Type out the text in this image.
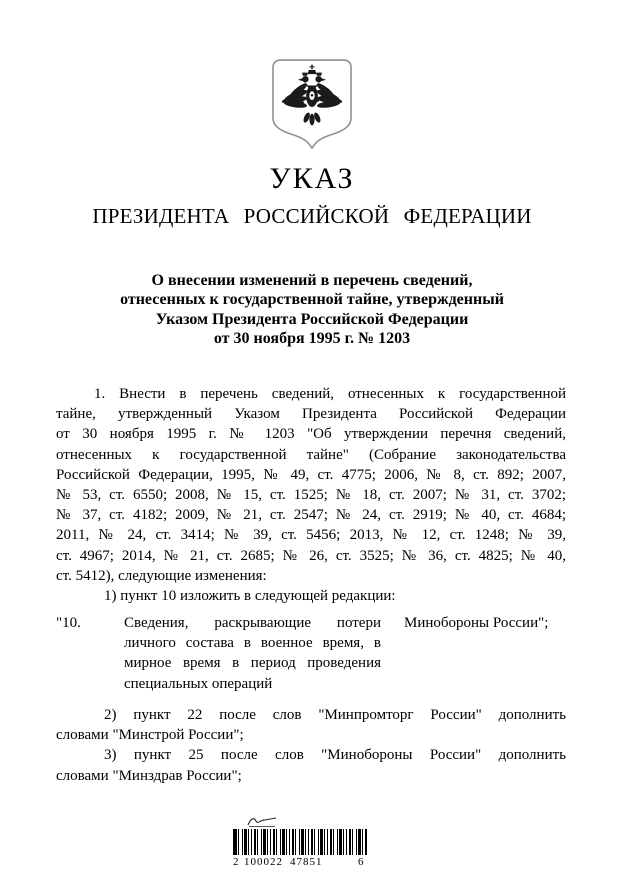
УКАЗ
ПРЕЗИДЕНТА РОССИЙСКОЙ ФЕДЕРАЦИИ
О внесении изменений в перечень сведений,
отнесенных к государственной тайне, утвержденный
Указом Президента Российской Федерации
от 30 ноября 1995 г. № 1203
1. Внести в перечень сведений, отнесенных к государственной
тайне, утвержденный Указом Президента Российской Федерации
от 30 ноября 1995 г. № 1203 "Об утверждении перечня сведений,
отнесенных к государственной тайне" (Собрание законодательства
Российской Федерации, 1995, № 49, ст. 4775; 2006, № 8, ст. 892; 2007,
№ 53, ст. 6550; 2008, № 15, ст. 1525; № 18, ст. 2007; № 31, ст. 3702;
№ 37, ст. 4182; 2009, № 21, ст. 2547; № 24, ст. 2919; № 40, ст. 4684;
2011, № 24, ст. 3414; № 39, ст. 5456; 2013, № 12, ст. 1248; № 39,
ст. 4967; 2014, № 21, ст. 2685; № 26, ст. 3525; № 36, ст. 4825; № 40,
ст. 5412), следующие изменения:
1) пункт 10 изложить в следующей редакции:
"10.	Сведения, раскрывающие потери
личного состава в военное время, в
мирное время в период проведения
специальных операций
Минобороны России";
2) пункт 22 после слов "Минпромторг России" дополнить
словами "Минстрой России";
3) пункт 25 после слов "Минобороны России" дополнить
словами "Минздрав России";
2 100022 47851	6
